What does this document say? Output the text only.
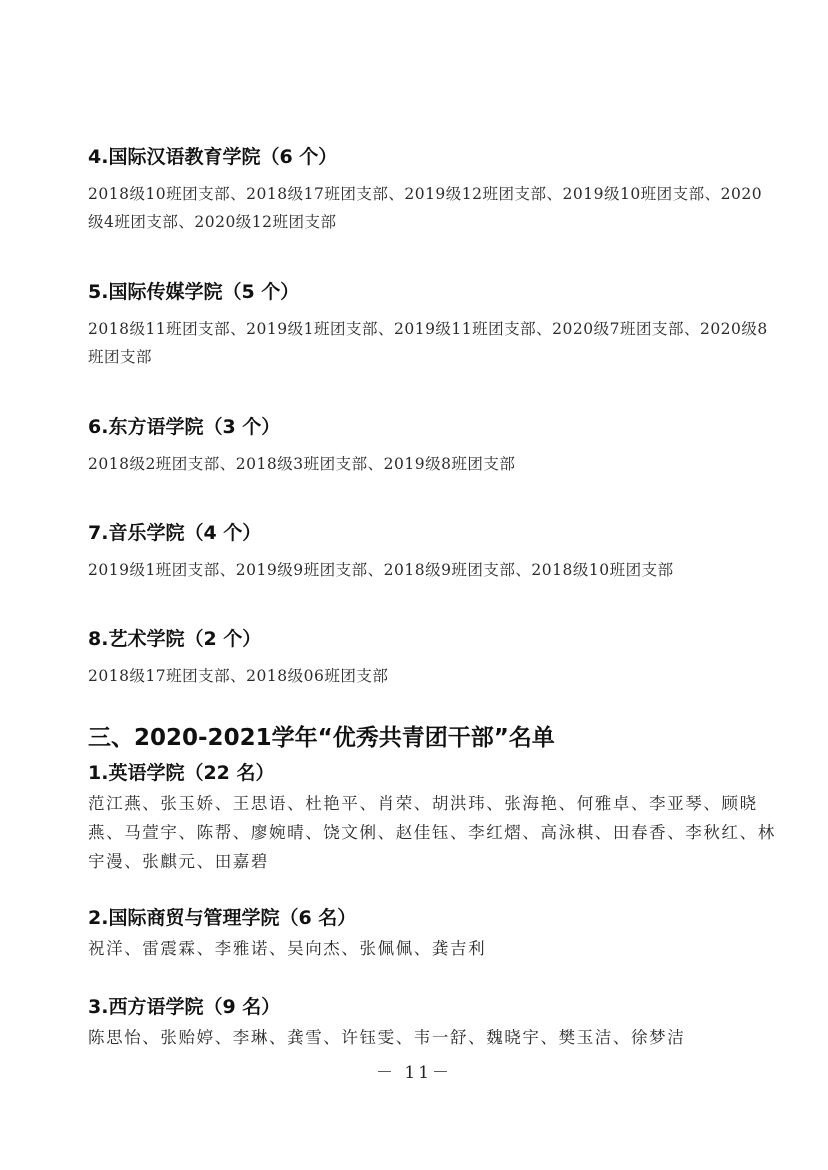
4.国际汉语教育学院（6 个）

2018级10班团支部、2018级17班团支部、2019级12班团支部、2019级10班团支部、2020级4班团支部、2020级12班团支部

5.国际传媒学院（5 个）

2018级11班团支部、2019级1班团支部、2019级11班团支部、2020级7班团支部、2020级8班团支部

6.东方语学院（3 个）

2018级2班团支部、2018级3班团支部、2019级8班团支部

7.音乐学院（4 个）

2019级1班团支部、2019级9班团支部、2018级9班团支部、2018级10班团支部

8.艺术学院（2 个）

2018级17班团支部、2018级06班团支部

三、2020-2021学年“优秀共青团干部”名单
1.英语学院（22 名）

范江燕、张玉娇、王思语、杜艳平、肖荣、胡洪玮、张海艳、何雅卓、李亚琴、顾晓燕、马萱宇、陈帮、廖婉晴、饶文俐、赵佳钰、李红熠、高泳棋、田春香、李秋红、林宇漫、张麒元、田嘉碧

2.国际商贸与管理学院（6 名）

祝洋、雷震霖、李雅诺、吴向杰、张佩佩、龚吉利

3.西方语学院（9 名）

陈思怡、张贻婷、李琳、龚雪、许钰雯、韦一舒、魏晓宇、樊玉洁、徐梦洁

－ 11－
